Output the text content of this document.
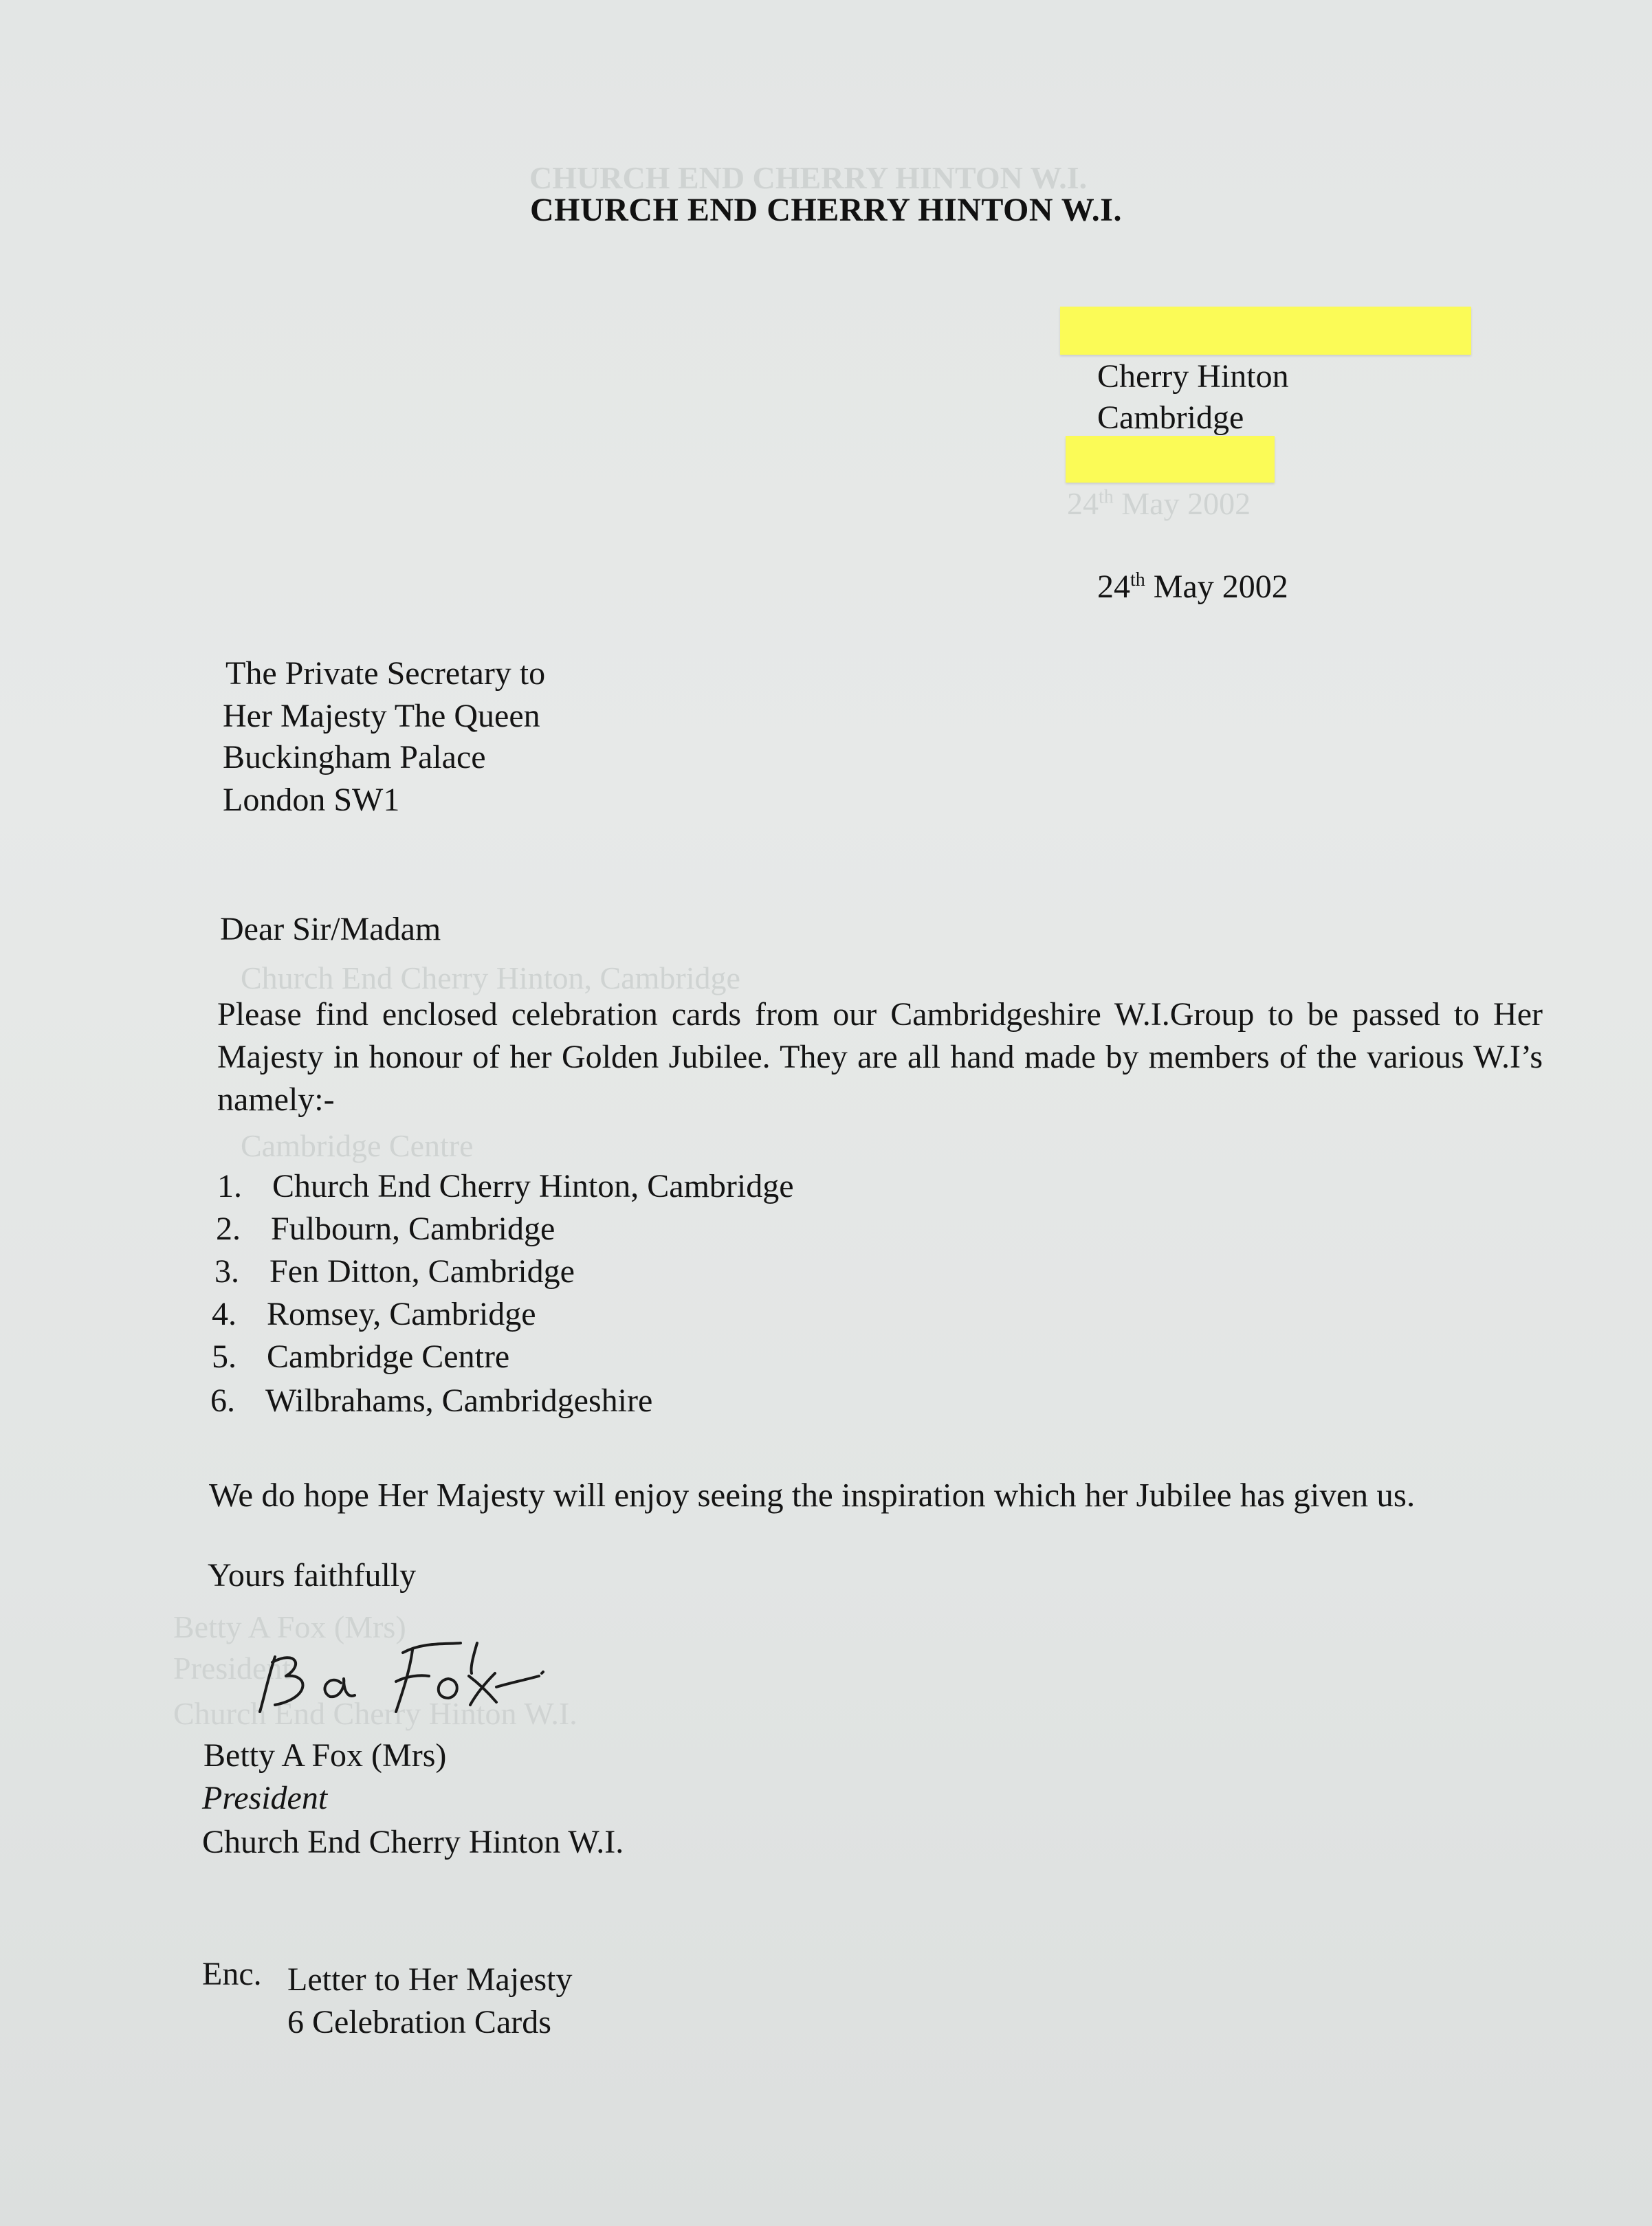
CHURCH END CHERRY HINTON W.I.
24th May 2002
Church End Cherry Hinton, Cambridge
Cambridge Centre
Betty A Fox (Mrs)
President
Church End Cherry Hinton W.I.
CHURCH END CHERRY HINTON W.I.
Cherry Hinton
Cambridge
24th May 2002
The Private Secretary to
Her Majesty The Queen
Buckingham Palace
London SW1
Dear Sir/Madam
Please find enclosed celebration cards from our Cambridgeshire W.I.Group to be passed to Her Majesty in honour of her Golden Jubilee. They are all hand made by members of the various W.I’s namely:-
1. Church End Cherry Hinton, Cambridge
2. Fulbourn, Cambridge
3. Fen Ditton, Cambridge
4. Romsey, Cambridge
5. Cambridge Centre
6. Wilbrahams, Cambridgeshire
We do hope Her Majesty will enjoy seeing the inspiration which her Jubilee has given us.
Yours faithfully
Betty A Fox (Mrs)
President
Church End Cherry Hinton W.I.
Enc. Letter to Her Majesty
6 Celebration Cards
